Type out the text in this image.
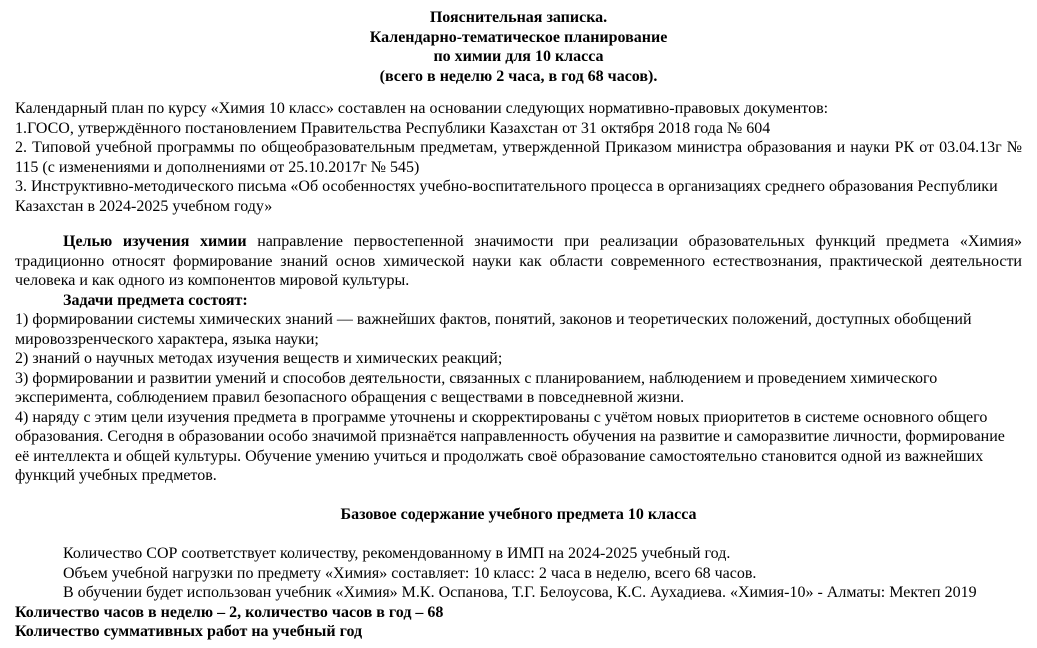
Пояснительная записка.

Календарно-тематическое планирование

по химии для 10 класса

(всего в неделю 2 часа, в год 68 часов).

Календарный план по курсу «Химия 10 класс» составлен на основании следующих нормативно-правовых документов:

1.ГОСО, утверждённого постановлением Правительства Республики Казахстан от 31 октября 2018 года № 604

2. Типовой учебной программы по общеобразовательным предметам, утвержденной Приказом министра образования и науки РК от 03.04.13г № 115 (с изменениями и дополнениями от 25.10.2017г № 545)

3. Инструктивно-методического письма «Об особенностях учебно-воспитательного процесса в организациях среднего образования Республики Казахстан в 2024-2025 учебном году»

Целью изучения химии направление первостепенной значимости при реализации образовательных функций предмета «Химия» традиционно относят формирование знаний основ химической науки как области современного естествознания, практической деятельности человека и как одного из компонентов мировой культуры.

Задачи предмета состоят:

1) формировании системы химических знаний — важнейших фактов, понятий, законов и теоретических положений, доступных обобщений мировоззренческого характера, языка науки;

2) знаний о научных методах изучения веществ и химических реакций;

3) формировании и развитии умений и способов деятельности, связанных с планированием, наблюдением и проведением химического эксперимента, соблюдением правил безопасного обращения с веществами в повседневной жизни.

4) наряду с этим цели изучения предмета в программе уточнены и скорректированы с учётом новых приоритетов в системе основного общего образования. Сегодня в образовании особо значимой признаётся направленность обучения на развитие и саморазвитие личности, формирование её интеллекта и общей культуры. Обучение умению учиться и продолжать своё образование самостоятельно становится одной из важнейших функций учебных предметов.

Базовое содержание учебного предмета 10 класса

Количество СОР соответствует количеству, рекомендованному в ИМП на 2024-2025 учебный год.

Объем учебной нагрузки по предмету «Химия» составляет: 10 класс: 2 часа в неделю, всего 68 часов.

В обучении будет использован учебник «Химия» М.К. Оспанова, Т.Г. Белоусова, К.С. Аухадиева. «Химия-10» - Алматы: Мектеп 2019

Количество часов в неделю – 2, количество часов в год – 68

Количество суммативных работ на учебный год
